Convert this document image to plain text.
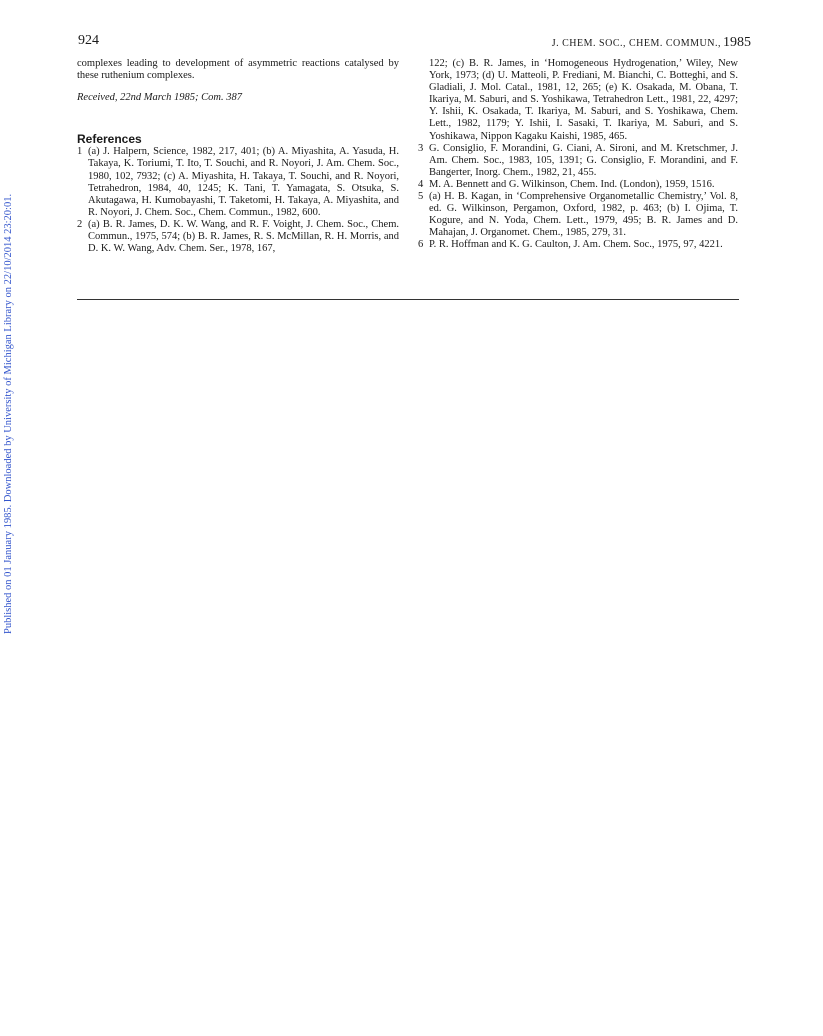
924	J. CHEM. SOC., CHEM. COMMUN., 1985
Published on 01 January 1985. Downloaded by University of Michigan Library on 22/10/2014 23:20:01.

complexes leading to development of asymmetric reactions catalysed by these ruthenium complexes.

Received, 22nd March 1985; Com. 387

References
1 (a) J. Halpern, Science, 1982, 217, 401; (b) A. Miyashita, A. Yasuda, H. Takaya, K. Toriumi, T. Ito, T. Souchi, and R. Noyori, J. Am. Chem. Soc., 1980, 102, 7932; (c) A. Miyashita, H. Takaya, T. Souchi, and R. Noyori, Tetrahedron, 1984, 40, 1245; K. Tani, T. Yamagata, S. Otsuka, S. Akutagawa, H. Kumobayashi, T. Taketomi, H. Takaya, A. Miyashita, and R. Noyori, J. Chem. Soc., Chem. Commun., 1982, 600.
2 (a) B. R. James, D. K. W. Wang, and R. F. Voight, J. Chem. Soc., Chem. Commun., 1975, 574; (b) B. R. James, R. S. McMillan, R. H. Morris, and D. K. W. Wang, Adv. Chem. Ser., 1978, 167,
122; (c) B. R. James, in ‘Homogeneous Hydrogenation,’ Wiley, New York, 1973; (d) U. Matteoli, P. Frediani, M. Bianchi, C. Botteghi, and S. Gladiali, J. Mol. Catal., 1981, 12, 265; (e) K. Osakada, M. Obana, T. Ikariya, M. Saburi, and S. Yoshikawa, Tetrahedron Lett., 1981, 22, 4297; Y. Ishii, K. Osakada, T. Ikariya, M. Saburi, and S. Yoshikawa, Chem. Lett., 1982, 1179; Y. Ishii, I. Sasaki, T. Ikariya, M. Saburi, and S. Yoshikawa, Nippon Kagaku Kaishi, 1985, 465.
3 G. Consiglio, F. Morandini, G. Ciani, A. Sironi, and M. Kretschmer, J. Am. Chem. Soc., 1983, 105, 1391; G. Consiglio, F. Morandini, and F. Bangerter, Inorg. Chem., 1982, 21, 455.
4 M. A. Bennett and G. Wilkinson, Chem. Ind. (London), 1959, 1516.
5 (a) H. B. Kagan, in ‘Comprehensive Organometallic Chemistry,’ Vol. 8, ed. G. Wilkinson, Pergamon, Oxford, 1982, p. 463; (b) I. Ojima, T. Kogure, and N. Yoda, Chem. Lett., 1979, 495; B. R. James and D. Mahajan, J. Organomet. Chem., 1985, 279, 31.
6 P. R. Hoffman and K. G. Caulton, J. Am. Chem. Soc., 1975, 97, 4221.
